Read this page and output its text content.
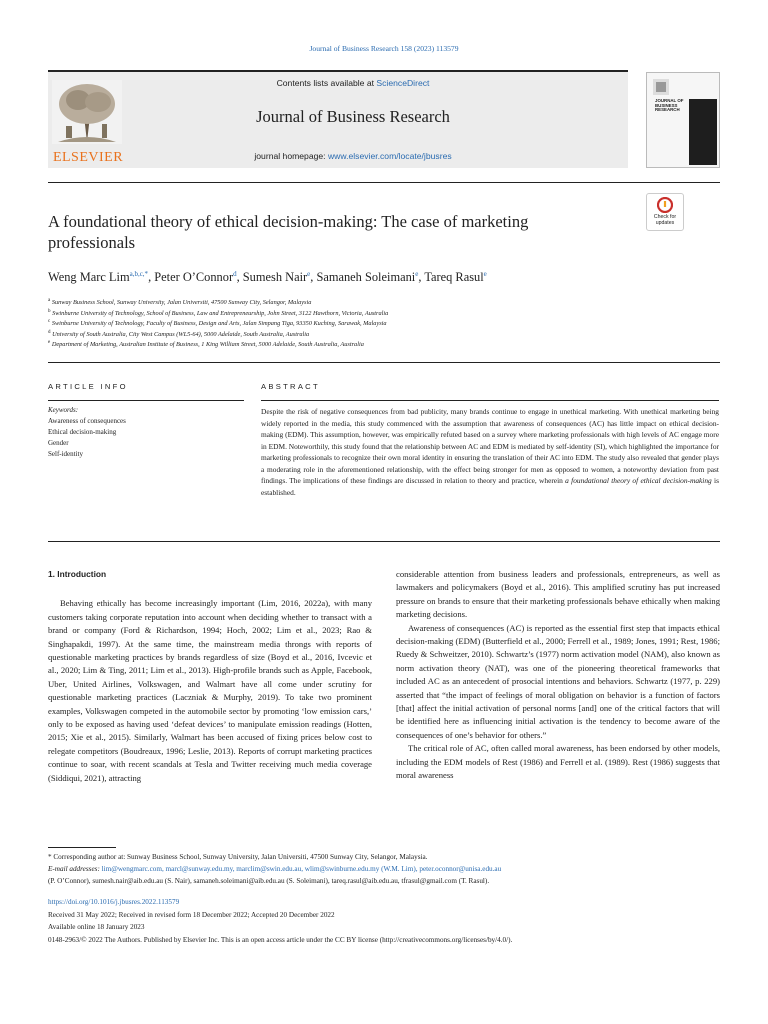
Journal of Business Research 158 (2023) 113579
ELSEVIER
Contents lists available at ScienceDirect
Journal of Business Research
journal homepage: www.elsevier.com/locate/jbusres
JOURNAL OF BUSINESS RESEARCH
A foundational theory of ethical decision-making: The case of marketing professionals
Check for updates
Weng Marc Lim$^{a,b,c,*}$, Peter O’Connor$^d$, Sumesh Nair$^e$, Samaneh Soleimani$^e$, Tareq Rasul$^e$
$^a$ Sunway Business School, Sunway University, Jalan Universiti, 47500 Sunway City, Selangor, Malaysia
$^b$ Swinburne University of Technology, School of Business, Law and Entrepreneurship, John Street, 3122 Hawthorn, Victoria, Australia
$^c$ Swinburne University of Technology, Faculty of Business, Design and Arts, Jalan Simpang Tiga, 93350 Kuching, Sarawak, Malaysia
$^d$ University of South Australia, City West Campus (WL5-64), 5000 Adelaide, South Australia, Australia
$^e$ Department of Marketing, Australian Institute of Business, 1 King William Street, 5000 Adelaide, South Australia, Australia
ARTICLE INFO
Keywords:
Awareness of consequences
Ethical decision-making
Gender
Self-identity
ABSTRACT
Despite the risk of negative consequences from bad publicity, many brands continue to engage in unethical marketing. With unethical marketing being widely reported in the media, this study commenced with the assumption that awareness of consequences (AC) has little impact on ethical decision-making (EDM). This assumption, however, was empirically refuted based on a survey where marketing professionals with high levels of AC engage more in EDM. Noteworthily, this study found that the relationship between AC and EDM is mediated by self-identity (SI), which highlighted the importance for marketing professionals to recognize their own moral identity in ensuring the translation of their AC into EDM. The study also revealed that gender plays a moderating role in the aforementioned relationship, with the effect being stronger for men as opposed to women, a noteworthy deviation from past findings. The implications of these findings are discussed in relation to theory and practice, wherein a foundational theory of ethical decision-making is established.
1. Introduction

Behaving ethically has become increasingly important (Lim, 2016, 2022a), with many customers taking corporate reputation into account when deciding whether to transact with a brand or company (Ford & Richardson, 1994; Hoch, 2002; Lim et al., 2023; Rao & Singhapakdi, 1997). At the same time, the mainstream media throngs with reports of questionable marketing practices by brands regardless of size (Boyd et al., 2016, Ivcevic et al., 2020; Lim & Ting, 2011; Lim et al., 2013). High-profile brands such as Apple, Facebook, Uber, United Airlines, Volkswagen, and Walmart have all come under scrutiny for questionable marketing practices (Laczniak & Murphy, 2019). To take two prominent examples, Volkswagen competed in the automobile sector by promoting ‘low emission cars,’ only to be exposed as having used ‘defeat devices’ to manipulate emission readings (Hotten, 2015; Xie et al., 2015). Similarly, Walmart has been accused of fixing prices below cost to relegate competitors (Boudreaux, 1996; Leslie, 2013). Reports of corrupt marketing practices continue to soar, with recent scandals at Tesla and Twitter receiving much media coverage (Siddiqui, 2021), attracting

considerable attention from business leaders and professionals, entrepreneurs, as well as lawmakers and policymakers (Boyd et al., 2016). This amplified scrutiny has put increased pressure on brands to ensure that their marketing professionals behave ethically when making marketing decisions.

Awareness of consequences (AC) is reported as the essential first step that impacts ethical decision-making (EDM) (Butterfield et al., 2000; Ferrell et al., 1989; Jones, 1991; Rest, 1986; Ruedy & Schweitzer, 2010). Schwartz’s (1977) norm activation model (NAM), also known as norm activation theory (NAT), was one of the pioneering theoretical frameworks that included AC as an antecedent of prosocial intentions and behaviors. Schwartz (1977, p. 229) asserted that “the impact of feelings of moral obligation on behavior is a function of factors [that] affect the initial activation of personal norms [and] one of the critical factors that will be identified here as influencing initial activation is the tendency to become aware of the consequences of one’s behavior for others.”

The critical role of AC, often called moral awareness, has been endorsed by other models, including the EDM models of Rest (1986) and Ferrell et al. (1989). Rest (1986) suggests that moral awareness

* Corresponding author at: Sunway Business School, Sunway University, Jalan Universiti, 47500 Sunway City, Selangor, Malaysia.
E-mail addresses: lim@wengmarc.com, marcl@sunway.edu.my, marclim@swin.edu.au, wlim@swinburne.edu.my (W.M. Lim), peter.oconnor@unisa.edu.au
(P. O’Connor), sumesh.nair@aib.edu.au (S. Nair), samaneh.soleimani@aib.edu.au (S. Soleimani), tareq.rasul@aib.edu.au, tfrasul@gmail.com (T. Rasul).
https://doi.org/10.1016/j.jbusres.2022.113579
Received 31 May 2022; Received in revised form 18 December 2022; Accepted 20 December 2022
Available online 18 January 2023
0148-2963/© 2022 The Authors. Published by Elsevier Inc. This is an open access article under the CC BY license (http://creativecommons.org/licenses/by/4.0/).
